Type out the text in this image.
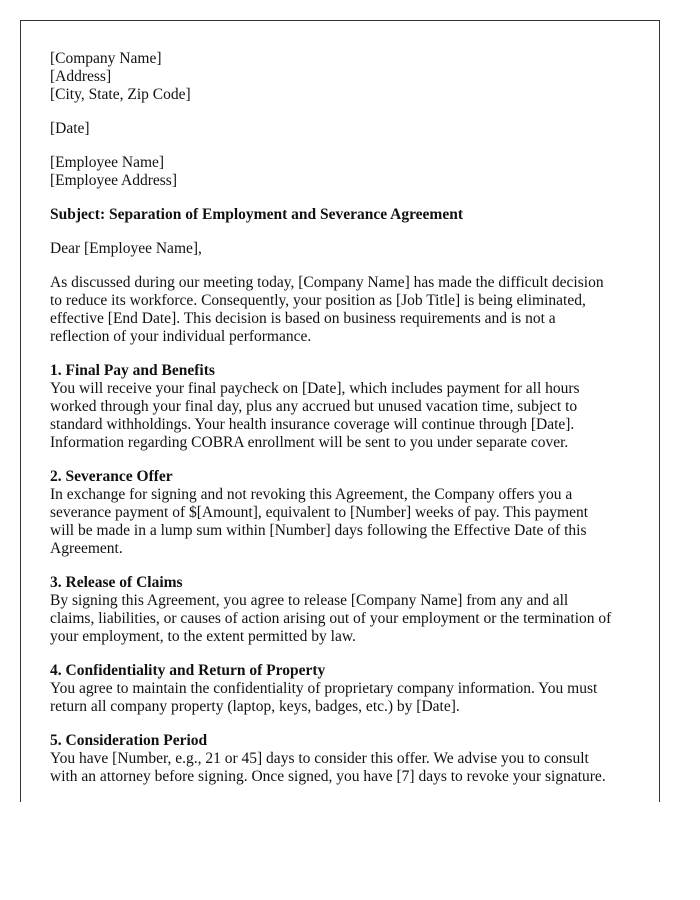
[Company Name]
[Address]
[City, State, Zip Code]
[Date]
[Employee Name]
[Employee Address]
Subject: Separation of Employment and Severance Agreement
Dear [Employee Name],
As discussed during our meeting today, [Company Name] has made the difficult decision
to reduce its workforce. Consequently, your position as [Job Title] is being eliminated,
effective [End Date]. This decision is based on business requirements and is not a
reflection of your individual performance.
1. Final Pay and Benefits
You will receive your final paycheck on [Date], which includes payment for all hours
worked through your final day, plus any accrued but unused vacation time, subject to
standard withholdings. Your health insurance coverage will continue through [Date].
Information regarding COBRA enrollment will be sent to you under separate cover.
2. Severance Offer
In exchange for signing and not revoking this Agreement, the Company offers you a
severance payment of $[Amount], equivalent to [Number] weeks of pay. This payment
will be made in a lump sum within [Number] days following the Effective Date of this
Agreement.
3. Release of Claims
By signing this Agreement, you agree to release [Company Name] from any and all
claims, liabilities, or causes of action arising out of your employment or the termination of
your employment, to the extent permitted by law.
4. Confidentiality and Return of Property
You agree to maintain the confidentiality of proprietary company information. You must
return all company property (laptop, keys, badges, etc.) by [Date].
5. Consideration Period
You have [Number, e.g., 21 or 45] days to consider this offer. We advise you to consult
with an attorney before signing. Once signed, you have [7] days to revoke your signature.
